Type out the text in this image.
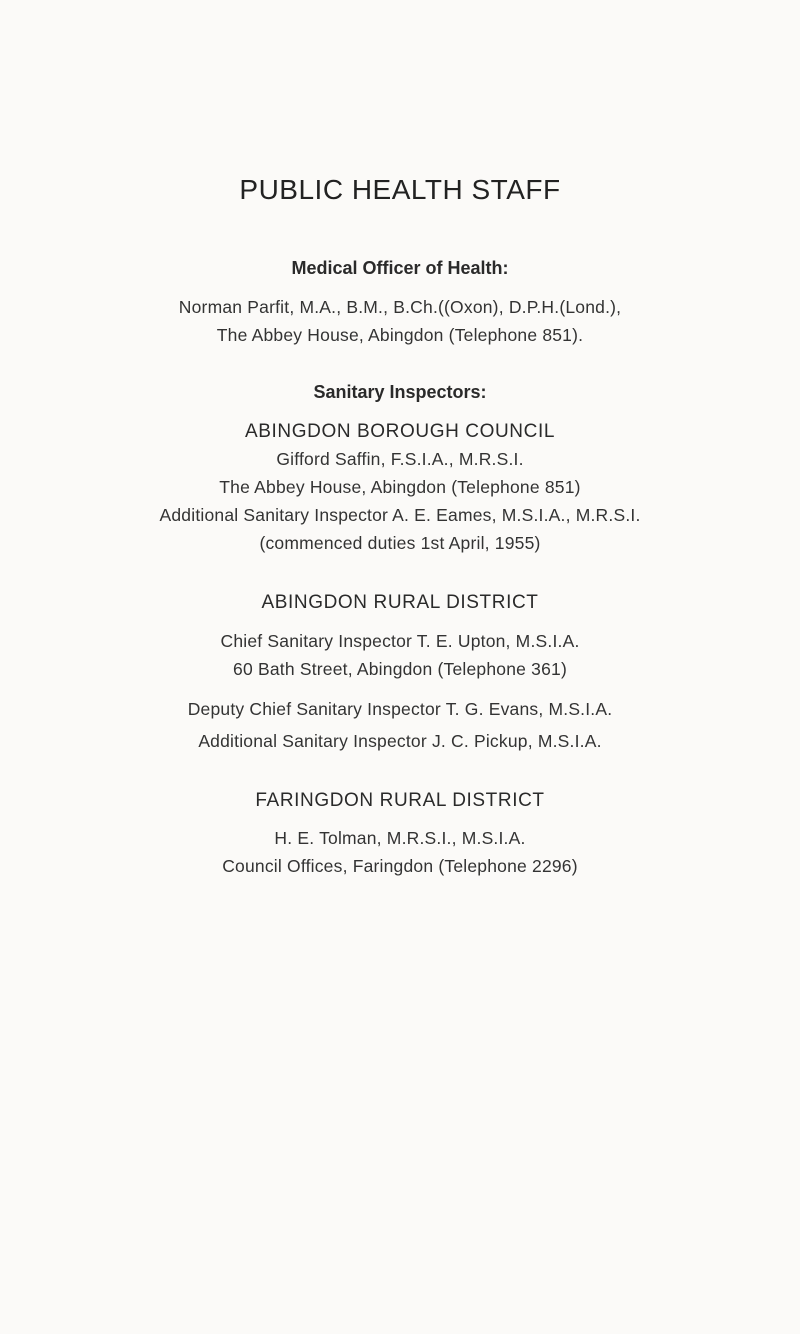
PUBLIC HEALTH STAFF
Medical Officer of Health:
Norman Parfit, M.A., B.M., B.Ch.((Oxon), D.P.H.(Lond.),
The Abbey House, Abingdon (Telephone 851).
Sanitary Inspectors:
ABINGDON BOROUGH COUNCIL
Gifford Saffin, F.S.I.A., M.R.S.I.
The Abbey House, Abingdon (Telephone 851)
Additional Sanitary Inspector A. E. Eames, M.S.I.A., M.R.S.I.
(commenced duties 1st April, 1955)
ABINGDON RURAL DISTRICT
Chief Sanitary Inspector T. E. Upton, M.S.I.A.
60 Bath Street, Abingdon (Telephone 361)
Deputy Chief Sanitary Inspector T. G. Evans, M.S.I.A.
Additional Sanitary Inspector J. C. Pickup, M.S.I.A.
FARINGDON RURAL DISTRICT
H. E. Tolman, M.R.S.I., M.S.I.A.
Council Offices, Faringdon (Telephone 2296)
